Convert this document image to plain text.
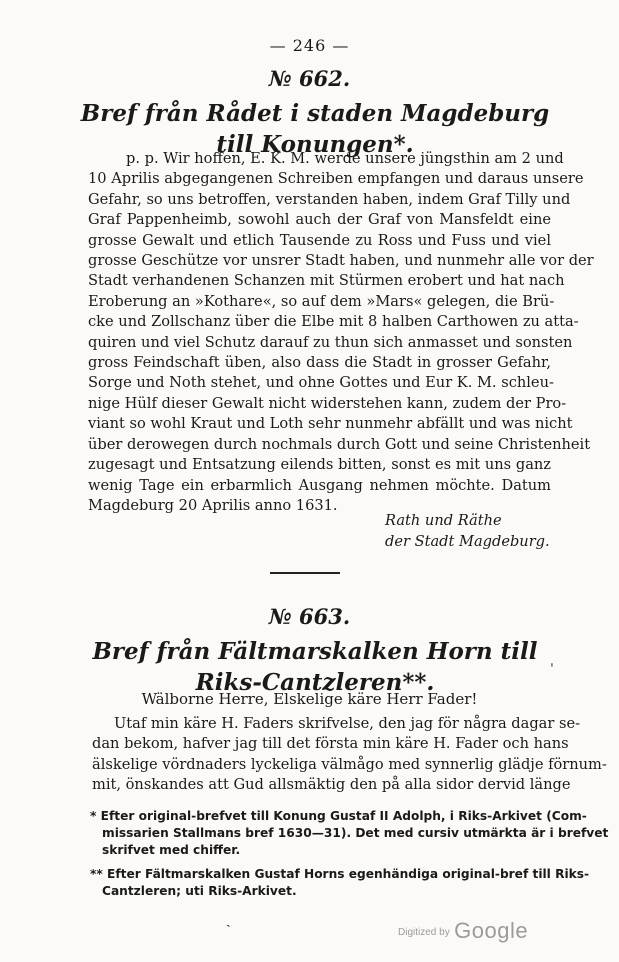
— 246 —
№ 662.
Bref från Rådet i staden Magdeburg
till Konungen*.
p. p. Wir hoffen, E. K. M. werde unsere jüngsthin am 2 und
10 Aprilis abgegangenen Schreiben empfangen und daraus unsere
Gefahr, so uns betroffen, verstanden haben, indem Graf Tilly und
Graf Pappenheimb, sowohl auch der Graf von Mansfeldt eine
grosse Gewalt und etlich Tausende zu Ross und Fuss und viel
grosse Geschütze vor unsrer Stadt haben, und nunmehr alle vor der
Stadt verhandenen Schanzen mit Stürmen erobert und hat nach
Eroberung an »Kothare«, so auf dem »Mars« gelegen, die Brü-
cke und Zollschanz über die Elbe mit 8 halben Carthowen zu atta-
quiren und viel Schutz darauf zu thun sich anmasset und sonsten
gross Feindschaft üben, also dass die Stadt in grosser Gefahr,
Sorge und Noth stehet, und ohne Gottes und Eur K. M. schleu-
nige Hülf dieser Gewalt nicht widerstehen kann, zudem der Pro-
viant so wohl Kraut und Loth sehr nunmehr abfällt und was nicht
über derowegen durch nochmals durch Gott und seine Christenheit
zugesagt und Entsatzung eilends bitten, sonst es mit uns ganz
wenig Tage ein erbarmlich Ausgang nehmen möchte. Datum
Magdeburg 20 Aprilis anno 1631.
Rath und Räthe
der Stadt Magdeburg.
№ 663.
Bref från Fältmarskalken Horn till
Riks-Cantzleren**.
Wälborne Herre, Elskelige käre Herr Fader!
Utaf min käre H. Faders skrifvelse, den jag för några dagar se-
dan bekom, hafver jag till det första min käre H. Fader och hans
älskelige vördnaders lyckeliga välmågo med synnerlig glädje förnum-
mit, önskandes att Gud allsmäktig den på alla sidor dervid länge
* Efter original-brefvet till Konung Gustaf II Adolph, i Riks-Arkivet (Com-
missarien Stallmans bref 1630—31). Det med cursiv utmärkta är i brefvet
skrifvet med chiffer.
** Efter Fältmarskalken Gustaf Horns egenhändiga original-bref till Riks-
Cantzleren; uti Riks-Arkivet.
ˎ
ˈ
Digitized by Google
